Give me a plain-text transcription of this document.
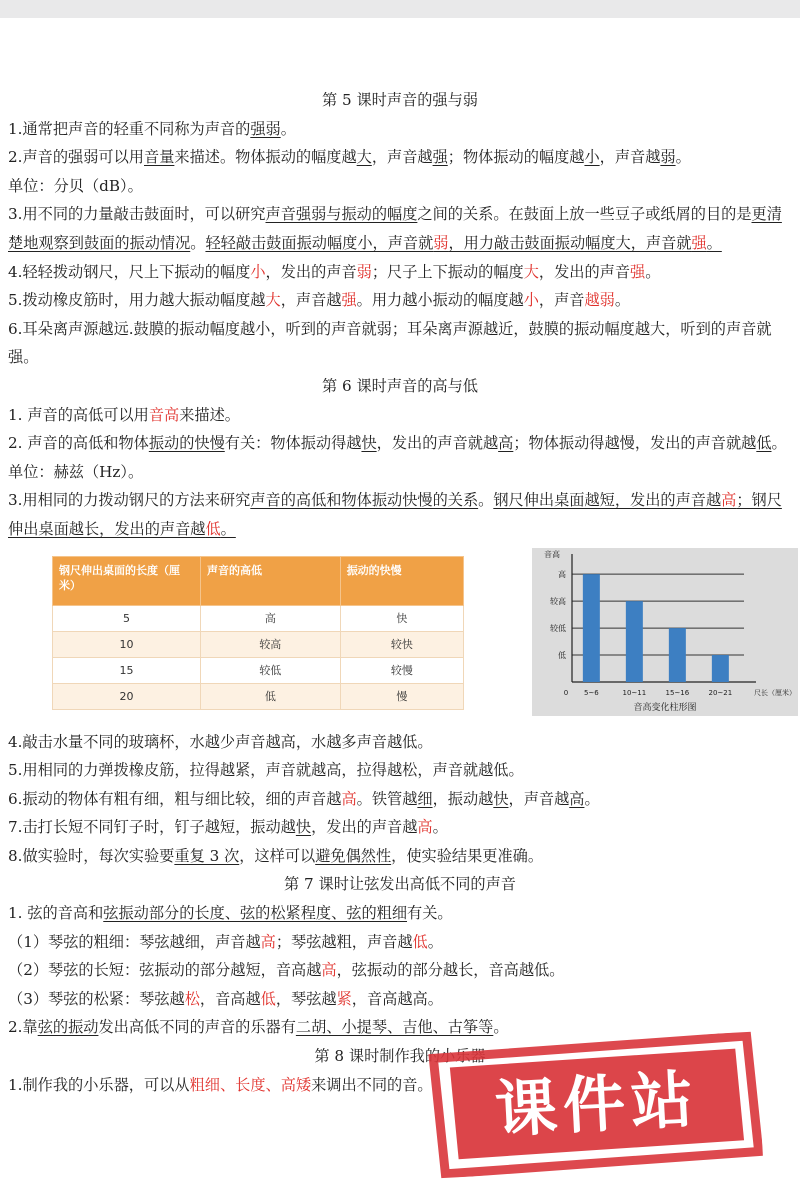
第 5 课时声音的强与弱

1.通常把声音的轻重不同称为声音的强弱。

2.声音的强弱可以用音量来描述。物体振动的幅度越大，声音越强；物体振动的幅度越小，声音越弱。

单位：分贝（dB）。

3.用不同的力量敲击鼓面时，可以研究声音强弱与振动的幅度之间的关系。在鼓面上放一些豆子或纸屑的目的是更清楚地观察到鼓面的振动情况。轻轻敲击鼓面振动幅度小，声音就弱，用力敲击鼓面振动幅度大，声音就强。

4.轻轻拨动钢尺，尺上下振动的幅度小，发出的声音弱；尺子上下振动的幅度大，发出的声音强。

5.拨动橡皮筋时，用力越大振动幅度越大，声音越强。用力越小振动的幅度越小，声音越弱。

6.耳朵离声源越远.鼓膜的振动幅度越小，听到的声音就弱；耳朵离声源越近，鼓膜的振动幅度越大，听到的声音就强。

第 6 课时声音的高与低

1. 声音的高低可以用音高来描述。

2. 声音的高低和物体振动的快慢有关：物体振动得越快，发出的声音就越高；物体振动得越慢，发出的声音就越低。单位：赫兹（Hz）。

3.用相同的力拨动钢尺的方法来研究声音的高低和物体振动快慢的关系。钢尺伸出桌面越短，发出的声音越高；钢尺伸出桌面越长，发出的声音越低。

钢尺伸出桌面的长度（厘米）	声音的高低	振动的快慢
5	高	快
10	较高	较快
15	较低	较慢
20	低	慢
低
较低
较高
高
音高
0	尺长（厘米）
5~6	10~11	15~16	20~21
音高变化柱形图

4.敲击水量不同的玻璃杯，水越少声音越高，水越多声音越低。

5.用相同的力弹拨橡皮筋，拉得越紧，声音就越高，拉得越松，声音就越低。

6.振动的物体有粗有细，粗与细比较，细的声音越高。铁管越细，振动越快，声音越高。

7.击打长短不同钉子时，钉子越短，振动越快，发出的声音越高。

8.做实验时，每次实验要重复 3 次，这样可以避免偶然性，使实验结果更准确。

第 7 课时让弦发出高低不同的声音

1. 弦的音高和弦振动部分的长度、弦的松紧程度、弦的粗细有关。

（1）琴弦的粗细：琴弦越细，声音越高；琴弦越粗，声音越低。

（2）琴弦的长短：弦振动的部分越短，音高越高，弦振动的部分越长，音高越低。

（3）琴弦的松紧：琴弦越松，音高越低，琴弦越紧，音高越高。

2.靠弦的振动发出高低不同的声音的乐器有二胡、小提琴、吉他、古筝等。

第 8 课时制作我的小乐器

1.制作我的小乐器，可以从粗细、长度、高矮来调出不同的音。 课件站
